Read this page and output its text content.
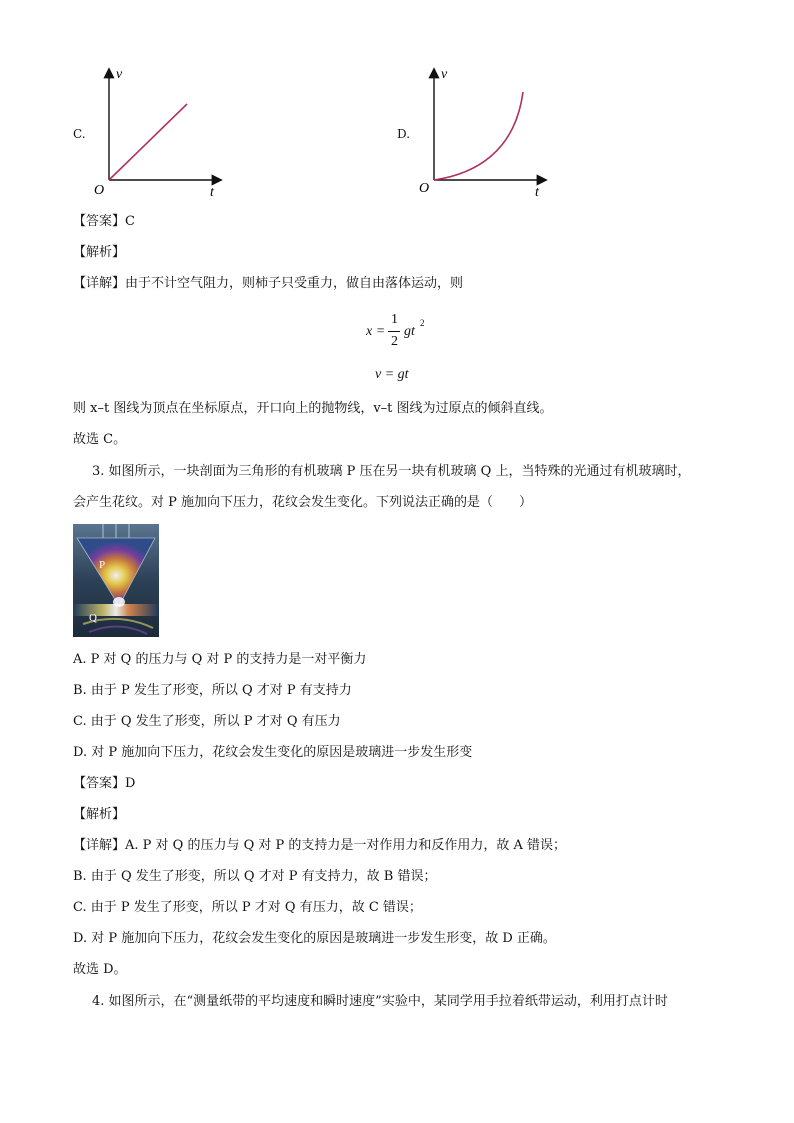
C.
v
t
O
D.
v
t
O
【答案】C
【解析】
【详解】由于不计空气阻力，则柿子只受重力，做自由落体运动，则
x =
1
2
gt
2
v = gt
则 x–t 图线为顶点在坐标原点，开口向上的抛物线，v–t 图线为过原点的倾斜直线。
故选 C。
3. 如图所示，一块剖面为三角形的有机玻璃 P 压在另一块有机玻璃 Q 上，当特殊的光通过有机玻璃时，
会产生花纹。对 P 施加向下压力，花纹会发生变化。下列说法正确的是（　　）
P
Q
A. P 对 Q 的压力与 Q 对 P 的支持力是一对平衡力
B. 由于 P 发生了形变，所以 Q 才对 P 有支持力
C. 由于 Q 发生了形变，所以 P 才对 Q 有压力
D. 对 P 施加向下压力，花纹会发生变化的原因是玻璃进一步发生形变
【答案】D
【解析】
【详解】A. P 对 Q 的压力与 Q 对 P 的支持力是一对作用力和反作用力，故 A 错误；
B. 由于 Q 发生了形变，所以 Q 才对 P 有支持力，故 B 错误；
C. 由于 P 发生了形变，所以 P 才对 Q 有压力，故 C 错误；
D. 对 P 施加向下压力，花纹会发生变化的原因是玻璃进一步发生形变，故 D 正确。
故选 D。
4. 如图所示，在“测量纸带的平均速度和瞬时速度”实验中，某同学用手拉着纸带运动，利用打点计时
